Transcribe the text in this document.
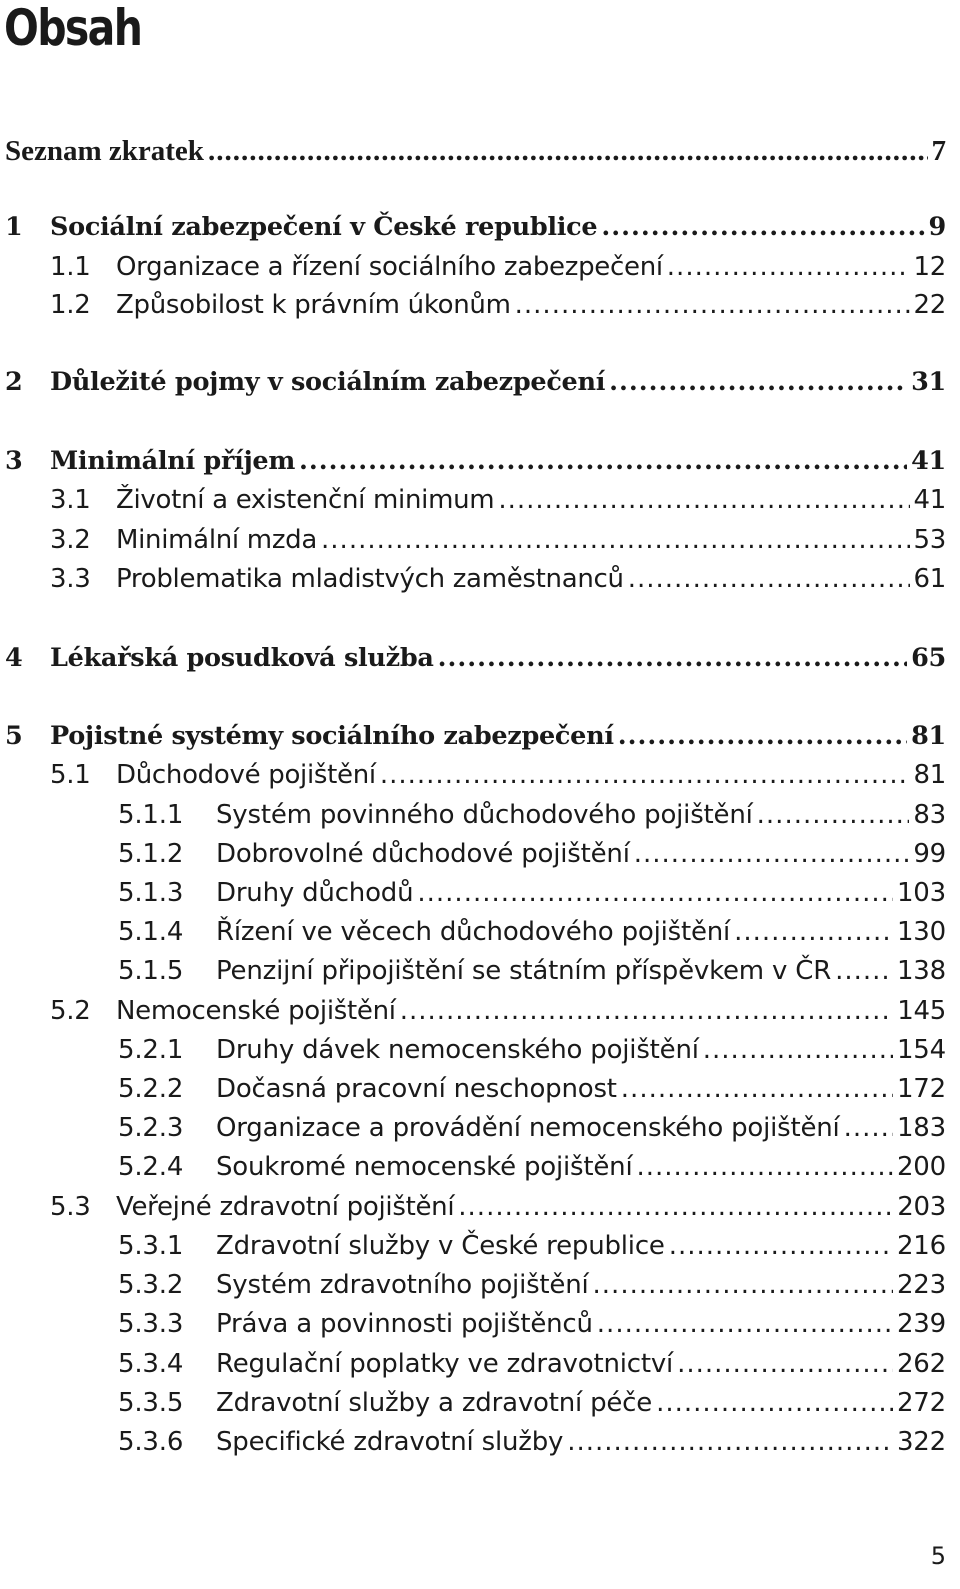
Obsah
Seznam zkratek .....	7
1	Sociální zabezpečení v České republice .....	9
1.1 Organizace a řízení sociálního zabezpečení .....	12
1.2 Způsobilost k právním úkonům .....	22
2	Důležité pojmy v sociálním zabezpečení .....	31
3	Minimální příjem .....	41
3.1 Životní a existenční minimum .....	41
3.2 Minimální mzda .....	53
3.3 Problematika mladistvých zaměstnanců .....	61
4	Lékařská posudková služba .....	65
5	Pojistné systémy sociálního zabezpečení .....	81
5.1 Důchodové pojištění .....	81
5.1.1	Systém povinného důchodového pojištění .....	83
5.1.2	Dobrovolné důchodové pojištění .....	99
5.1.3	Druhy důchodů .....	103
5.1.4	Řízení ve věcech důchodového pojištění .....	130
5.1.5	Penzijní připojištění se státním příspěvkem v ČR .....	138
5.2 Nemocenské pojištění .....	145
5.2.1	Druhy dávek nemocenského pojištění .....	154
5.2.2	Dočasná pracovní neschopnost .....	172
5.2.3	Organizace a provádění nemocenského pojištění ..... 183
5.2.4	Soukromé nemocenské pojištění .....	200
5.3 Veřejné zdravotní pojištění .....	203
5.3.1	Zdravotní služby v České republice .....	216
5.3.2	Systém zdravotního pojištění .....	223
5.3.3	Práva a povinnosti pojištěnců .....	239
5.3.4	Regulační poplatky ve zdravotnictví .....	262
5.3.5	Zdravotní služby a zdravotní péče .....	272
5.3.6	Specifické zdravotní služby .....	322
5
